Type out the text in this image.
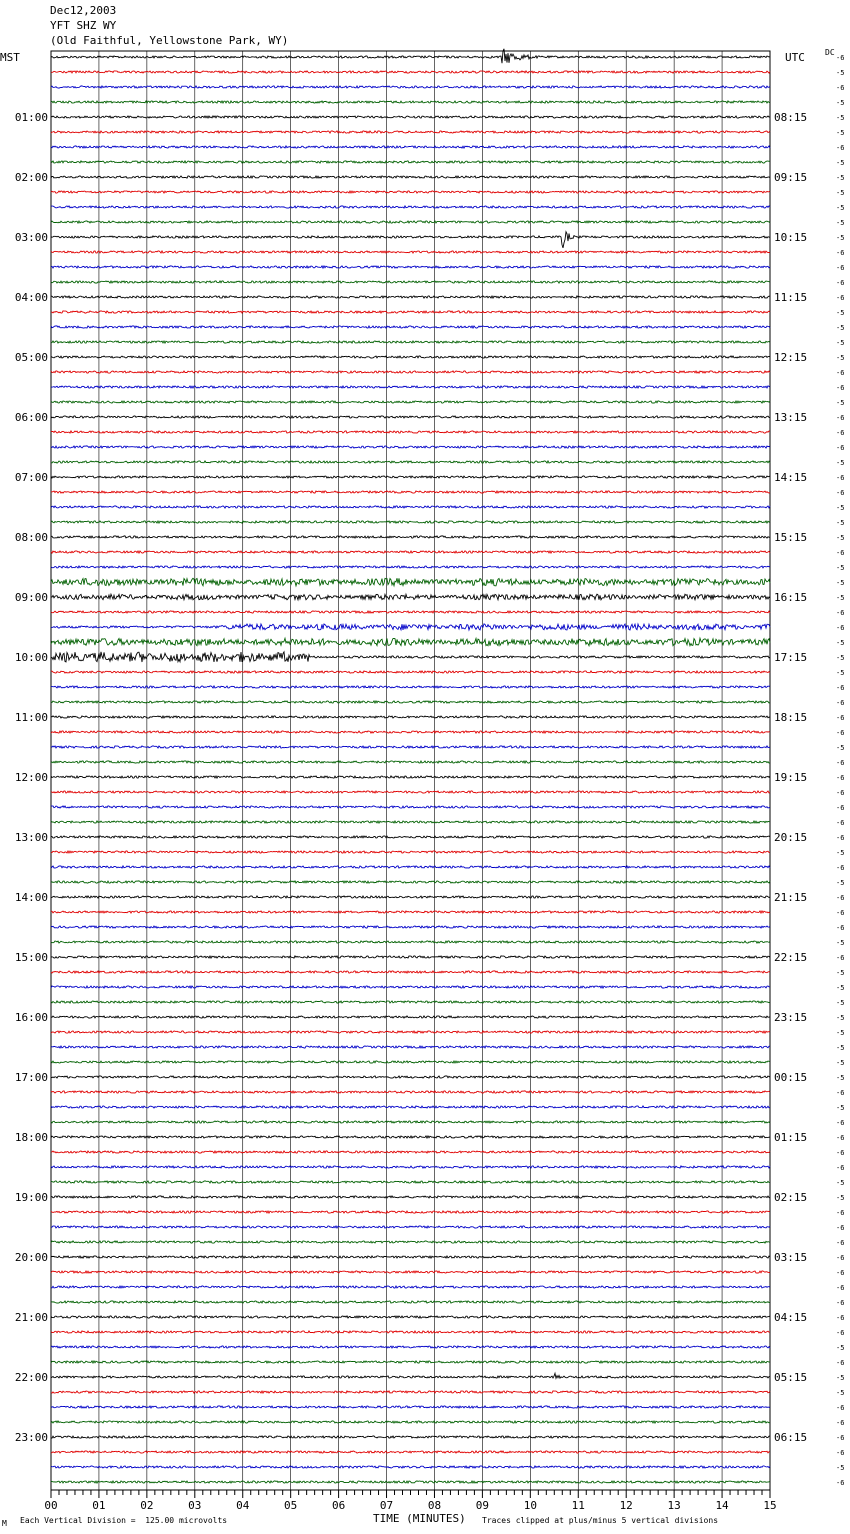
Dec12,2003
YFT SHZ WY
(Old Faithful, Yellowstone Park, WY)
MST	UTC	DC
-6
-5
-6
-5
-5
01:00	08:15
-5
-6
-5
-5
02:00	09:15
-5
-5
-5
-5
03:00	10:15
-6
-6
-6
-6
04:00	11:15
-5
-5
-5
-5
05:00	12:15
-6
-6
-5
-6
06:00	13:15
-6
-6
-5
-6
07:00	14:15
-6
-5
-5
-5
08:00	15:15
-6
-5
-5
-5
09:00	16:15
-6
-6
-5
-5
10:00	17:15
-5
-6
-6
-6
11:00	18:15
-6
-5
-6
-6
12:00	19:15
-6
-6
-6
-6
13:00	20:15
-5
-6
-5
-6
14:00	21:15
-6
-6
-5
-6
15:00	22:15
-5
-5
-5
-5
16:00	23:15
-5
-5
-5
-5
17:00	00:15
-6
-5
-6
-6
18:00	01:15
-6
-6
-5
-5
19:00	02:15
-6
-6
-6
-6
20:00	03:15
-6
-6
-6
-6
21:00	04:15
-6
-5
-6
-5
22:00	05:15
-5
-6
-6
-6
23:00	06:15
-6
-5
-6
00	01	02	03	04	05	06	07	08	09	10	11	12	13	14	15
TIME (MINUTES)
M Each Vertical Division =  125.00 microvolts	Traces clipped at plus/minus 5 vertical divisions
